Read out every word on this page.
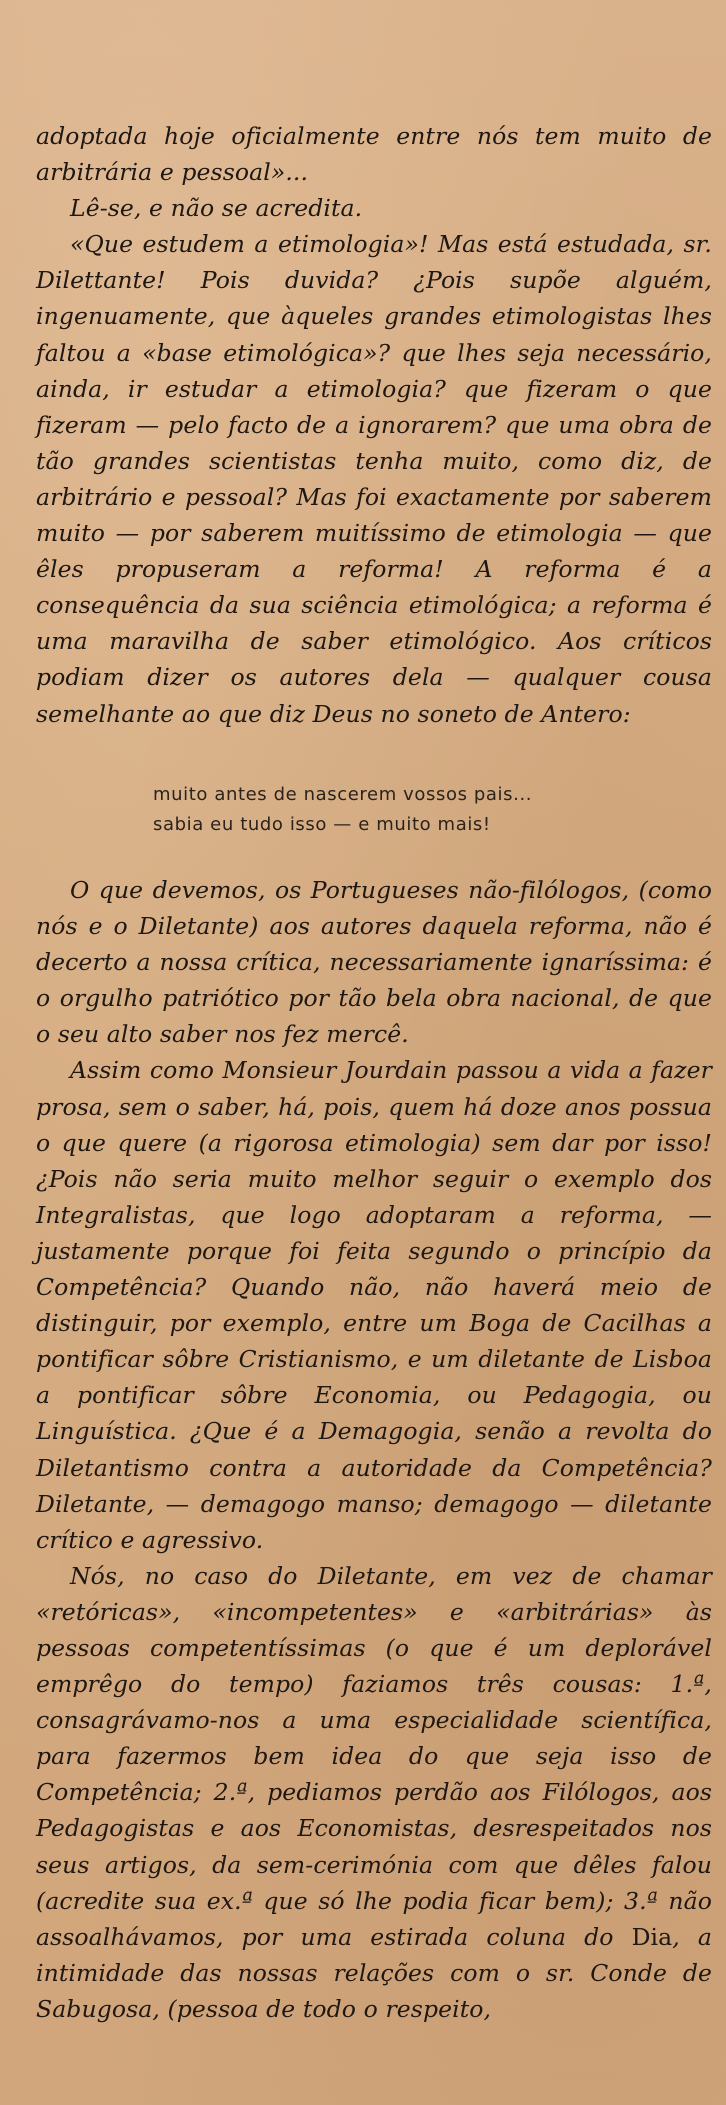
adoptada hoje oficialmente entre nós tem muito de arbitrária e pessoal»...

Lê-se, e não se acredita.

«Que estudem a etimologia»! Mas está estudada, sr. Dilettante! Pois duvida? ¿Pois supõe alguém, ingenuamente, que àqueles grandes etimologistas lhes faltou a «base etimológica»? que lhes seja necessário, ainda, ir estudar a etimologia? que fizeram o que fizeram — pelo facto de a ignorarem? que uma obra de tão grandes scientistas tenha muito, como diz, de arbitrário e pessoal? Mas foi exactamente por saberem muito — por saberem muitíssimo de etimologia — que êles propuseram a reforma! A reforma é a consequência da sua sciência etimológica; a reforma é uma maravilha de saber etimológico. Aos críticos podiam dizer os autores dela — qualquer cousa semelhante ao que diz Deus no soneto de Antero:

muito antes de nascerem vossos pais...
sabia eu tudo isso — e muito mais!

O que devemos, os Portugueses não-filólogos, (como nós e o Diletante) aos autores daquela reforma, não é decerto a nossa crítica, necessariamente ignaríssima: é o orgulho patriótico por tão bela obra nacional, de que o seu alto saber nos fez mercê.

Assim como Monsieur Jourdain passou a vida a fazer prosa, sem o saber, há, pois, quem há doze anos possua o que quere (a rigorosa etimologia) sem dar por isso! ¿Pois não seria muito melhor seguir o exemplo dos Integralistas, que logo adoptaram a reforma, — justamente porque foi feita segundo o princípio da Competência? Quando não, não haverá meio de distinguir, por exemplo, entre um Boga de Cacilhas a pontificar sôbre Cristianismo, e um diletante de Lisboa a pontificar sôbre Economia, ou Pedagogia, ou Linguística. ¿Que é a Demagogia, senão a revolta do Diletantismo contra a autoridade da Competência? Diletante, — demagogo manso; demagogo — diletante crítico e agressivo.

Nós, no caso do Diletante, em vez de chamar «retóricas», «incompetentes» e «arbitrárias» às pessoas competentíssimas (o que é um deplorável emprêgo do tempo) faziamos três cousas: 1.ª, consagrávamo-nos a uma especialidade scientífica, para fazermos bem idea do que seja isso de Competência; 2.ª, pediamos perdão aos Filólogos, aos Pedagogistas e aos Economistas, desrespeitados nos seus artigos, da sem-cerimónia com que dêles falou (acredite sua ex.ª que só lhe podia ficar bem); 3.ª não assoalhávamos, por uma estirada coluna do Dia, a intimidade das nossas relações com o sr. Conde de Sabugosa, (pessoa de todo o respeito,
